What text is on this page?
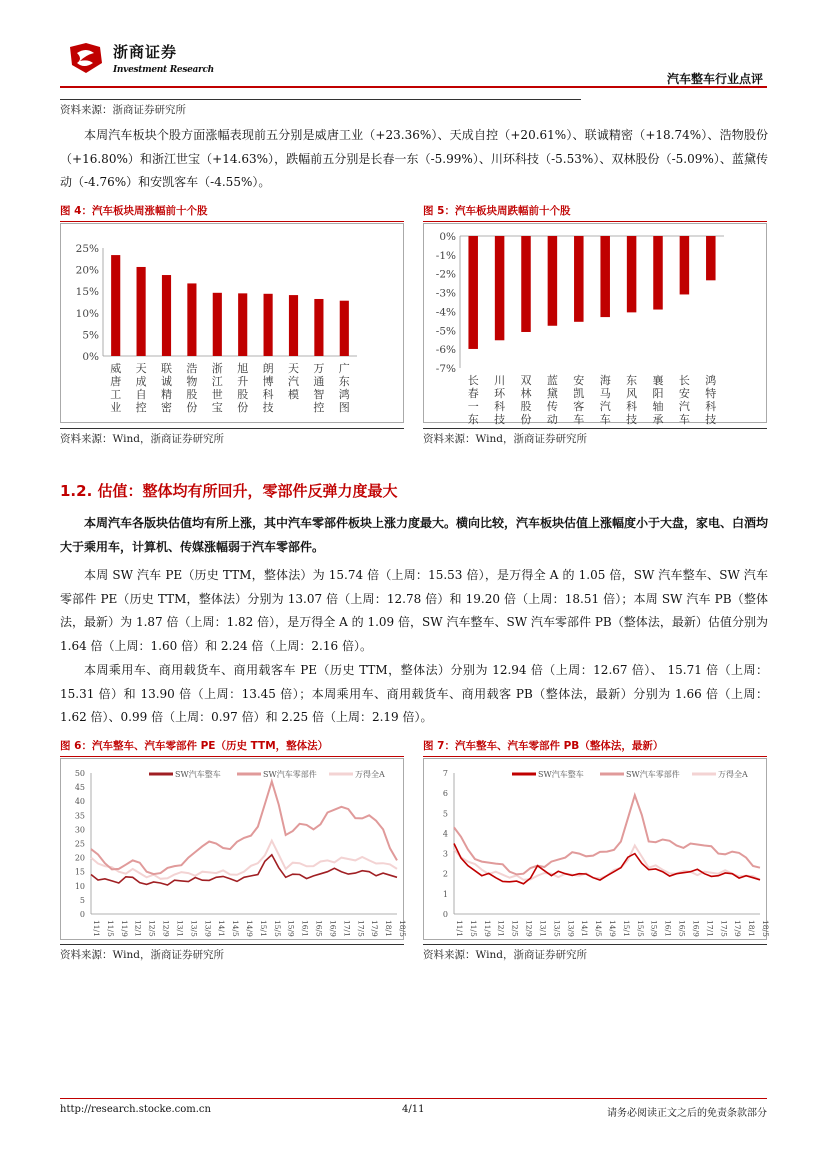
浙商证券
Investment Research
汽车整车行业点评
资料来源：浙商证券研究所
本周汽车板块个股方面涨幅表现前五分别是威唐工业（+23.36%）、天成自控（+20.61%）、联诚精密（+18.74%）、浩物股份（+16.80%）和浙江世宝（+14.63%），跌幅前五分别是长春一东（-5.99%）、川环科技（-5.53%）、双林股份（-5.09%）、蓝黛传动（-4.76%）和安凯客车（-4.55%）。
图 4：汽车板块周涨幅前十个股
0%
5%
10%
15%
20%
25%
威
唐
工
业
天
成
自
控
联
诚
精
密
浩
物
股
份
浙
江
世
宝
旭
升
股
份
朗
博
科
技
天
汽
模
万
通
智
控
广
东
鸿
图
资料来源：Wind，浙商证券研究所
图 5：汽车板块周跌幅前十个股
0%
-1%
-2%
-3%
-4%
-5%
-6%
-7%
长
春
一
东
川
环
科
技
双
林
股
份
蓝
黛
传
动
安
凯
客
车
海
马
汽
车
东
风
科
技
襄
阳
轴
承
长
安
汽
车
鸿
特
科
技
资料来源：Wind，浙商证券研究所
1.2. 估值：整体均有所回升，零部件反弹力度最大
本周汽车各版块估值均有所上涨，其中汽车零部件板块上涨力度最大。横向比较，汽车板块估值上涨幅度小于大盘，家电、白酒均大于乘用车，计算机、传媒涨幅弱于汽车零部件。
本周 SW 汽车 PE（历史 TTM，整体法）为 15.74 倍（上周：15.53 倍），是万得全 A 的 1.05 倍，SW 汽车整车、SW 汽车零部件 PE（历史 TTM，整体法）分别为 13.07 倍（上周：12.78 倍）和 19.20 倍（上周：18.51 倍）；本周 SW 汽车 PB（整体法，最新）为 1.87 倍（上周：1.82 倍），是万得全 A 的 1.09 倍，SW 汽车整车、SW 汽车零部件 PB（整体法，最新）估值分别为 1.64 倍（上周：1.60 倍）和 2.24 倍（上周：2.16 倍）。
本周乘用车、商用载货车、商用载客车 PE（历史 TTM，整体法）分别为 12.94 倍（上周：12.67 倍）、 15.71 倍（上周：15.31 倍）和 13.90 倍（上周：13.45 倍）；本周乘用车、商用载货车、商用载客 PB（整体法，最新）分别为 1.66 倍（上周：1.62 倍）、0.99 倍（上周：0.97 倍）和 2.25 倍（上周：2.19 倍）。
图 6：汽车整车、汽车零部件 PE（历史 TTM，整体法）
0
5
10
15
20
25
30
35
40
45
50
11/1 11/5 11/9 12/1 12/5 12/9 13/1 13/5 13/9 14/1 14/5 14/9 15/1 15/5 15/9 16/1 16/5 16/9 17/1 17/5 17/9 18/1 18/5
SW汽车整车	SW汽车零部件	万得全A
资料来源：Wind，浙商证券研究所
图 7：汽车整车、汽车零部件 PB（整体法，最新）
0
1
2
3
4
5
6
7
11/1 11/5 11/9 12/1 12/5 12/9 13/1 13/5 13/9 14/1 14/5 14/9 15/1 15/5 15/9 16/1 16/5 16/9 17/1 17/5 17/9 18/1 18/5
SW汽车整车	SW汽车零部件	万得全A
资料来源：Wind，浙商证券研究所
http://research.stocke.com.cn	4/11	请务必阅读正文之后的免责条款部分
